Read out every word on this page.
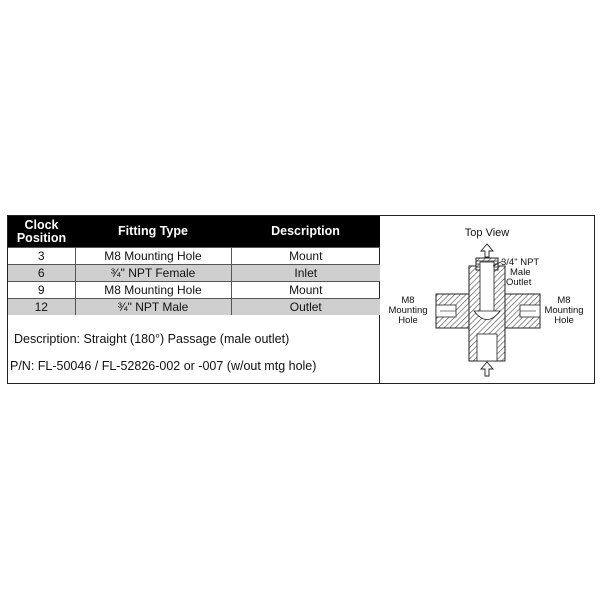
Clock
Position	Fitting Type	Description
3	M8 Mounting Hole	Mount
6	¾" NPT Female	Inlet
9	M8 Mounting Hole	Mount
12	¾" NPT Male	Outlet
Description: Straight (180°) Passage (male outlet)
P/N: FL-50046 / FL-52826-002 or -007 (w/out mtg hole)
Top View
3/4" NPT
Male
Outlet
M8
Mounting
Hole
M8
Mounting
Hole
